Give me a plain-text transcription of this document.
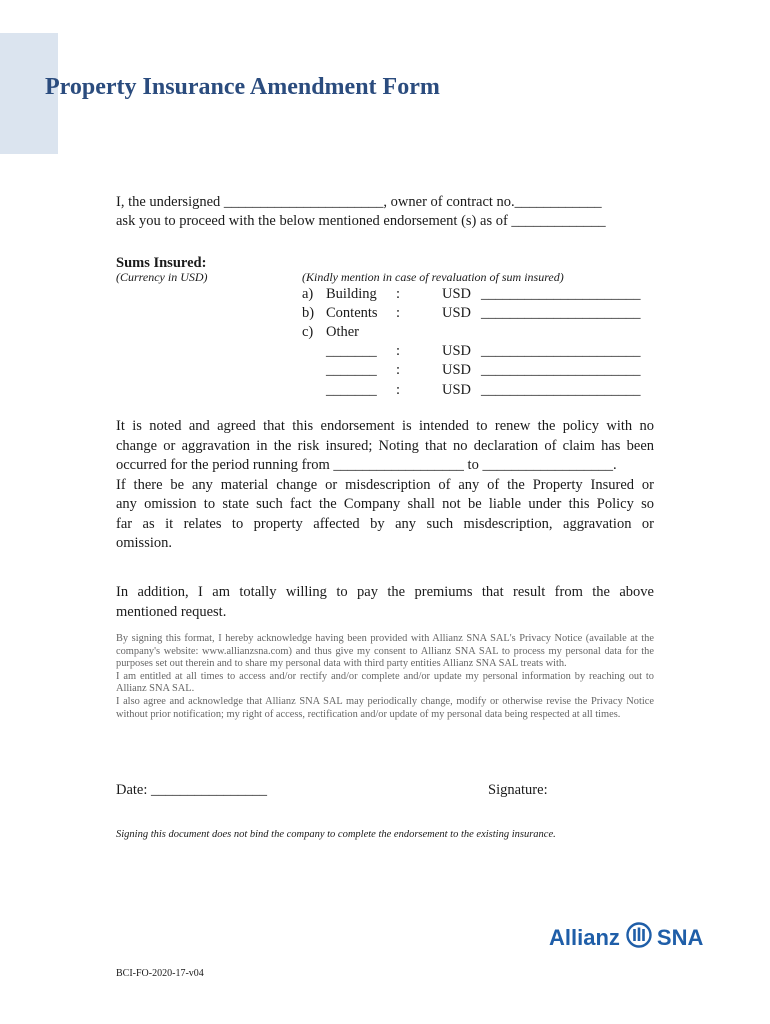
Property Insurance Amendment Form
I, the undersigned ______________________, owner of contract no.____________
ask you to proceed with the below mentioned endorsement (s) as of _____________
Sums Insured:
(Currency in USD)	(Kindly mention in case of revaluation of sum insured)
a) Building :	USD ______________________
b) Contents :	USD ______________________
c) Other
_______ :	USD ______________________
_______ :	USD ______________________
_______ :	USD ______________________

It is noted and agreed that this endorsement is intended to renew the policy with no

change or aggravation in the risk insured; Noting that no declaration of claim has been

occurred for the period running from __________________ to __________________.

If there be any material change or misdescription of any of the Property Insured or

any omission to state such fact the Company shall not be liable under this Policy so

far as it relates to property affected by any such misdescription, aggravation or

omission.

In addition, I am totally willing to pay the premiums that result from the above

mentioned request.

By signing this format, I hereby acknowledge having been provided with Allianz SNA SAL's Privacy Notice (available at the company's website: www.allianzsna.com) and thus give my consent to Allianz SNA SAL to process my personal data for the purposes set out therein and to share my personal data with third party entities Allianz SNA SAL treats with.

I am entitled at all times to access and/or rectify and/or complete and/or update my personal information by reaching out to Allianz SNA SAL.

I also agree and acknowledge that Allianz SNA SAL may periodically change, modify or otherwise revise the Privacy Notice without prior notification; my right of access, rectification and/or update of my personal data being respected at all times.

Date: ________________	Signature:
Signing this document does not bind the company to complete the endorsement to the existing insurance.
Allianz SNA
BCI-FO-2020-17-v04
